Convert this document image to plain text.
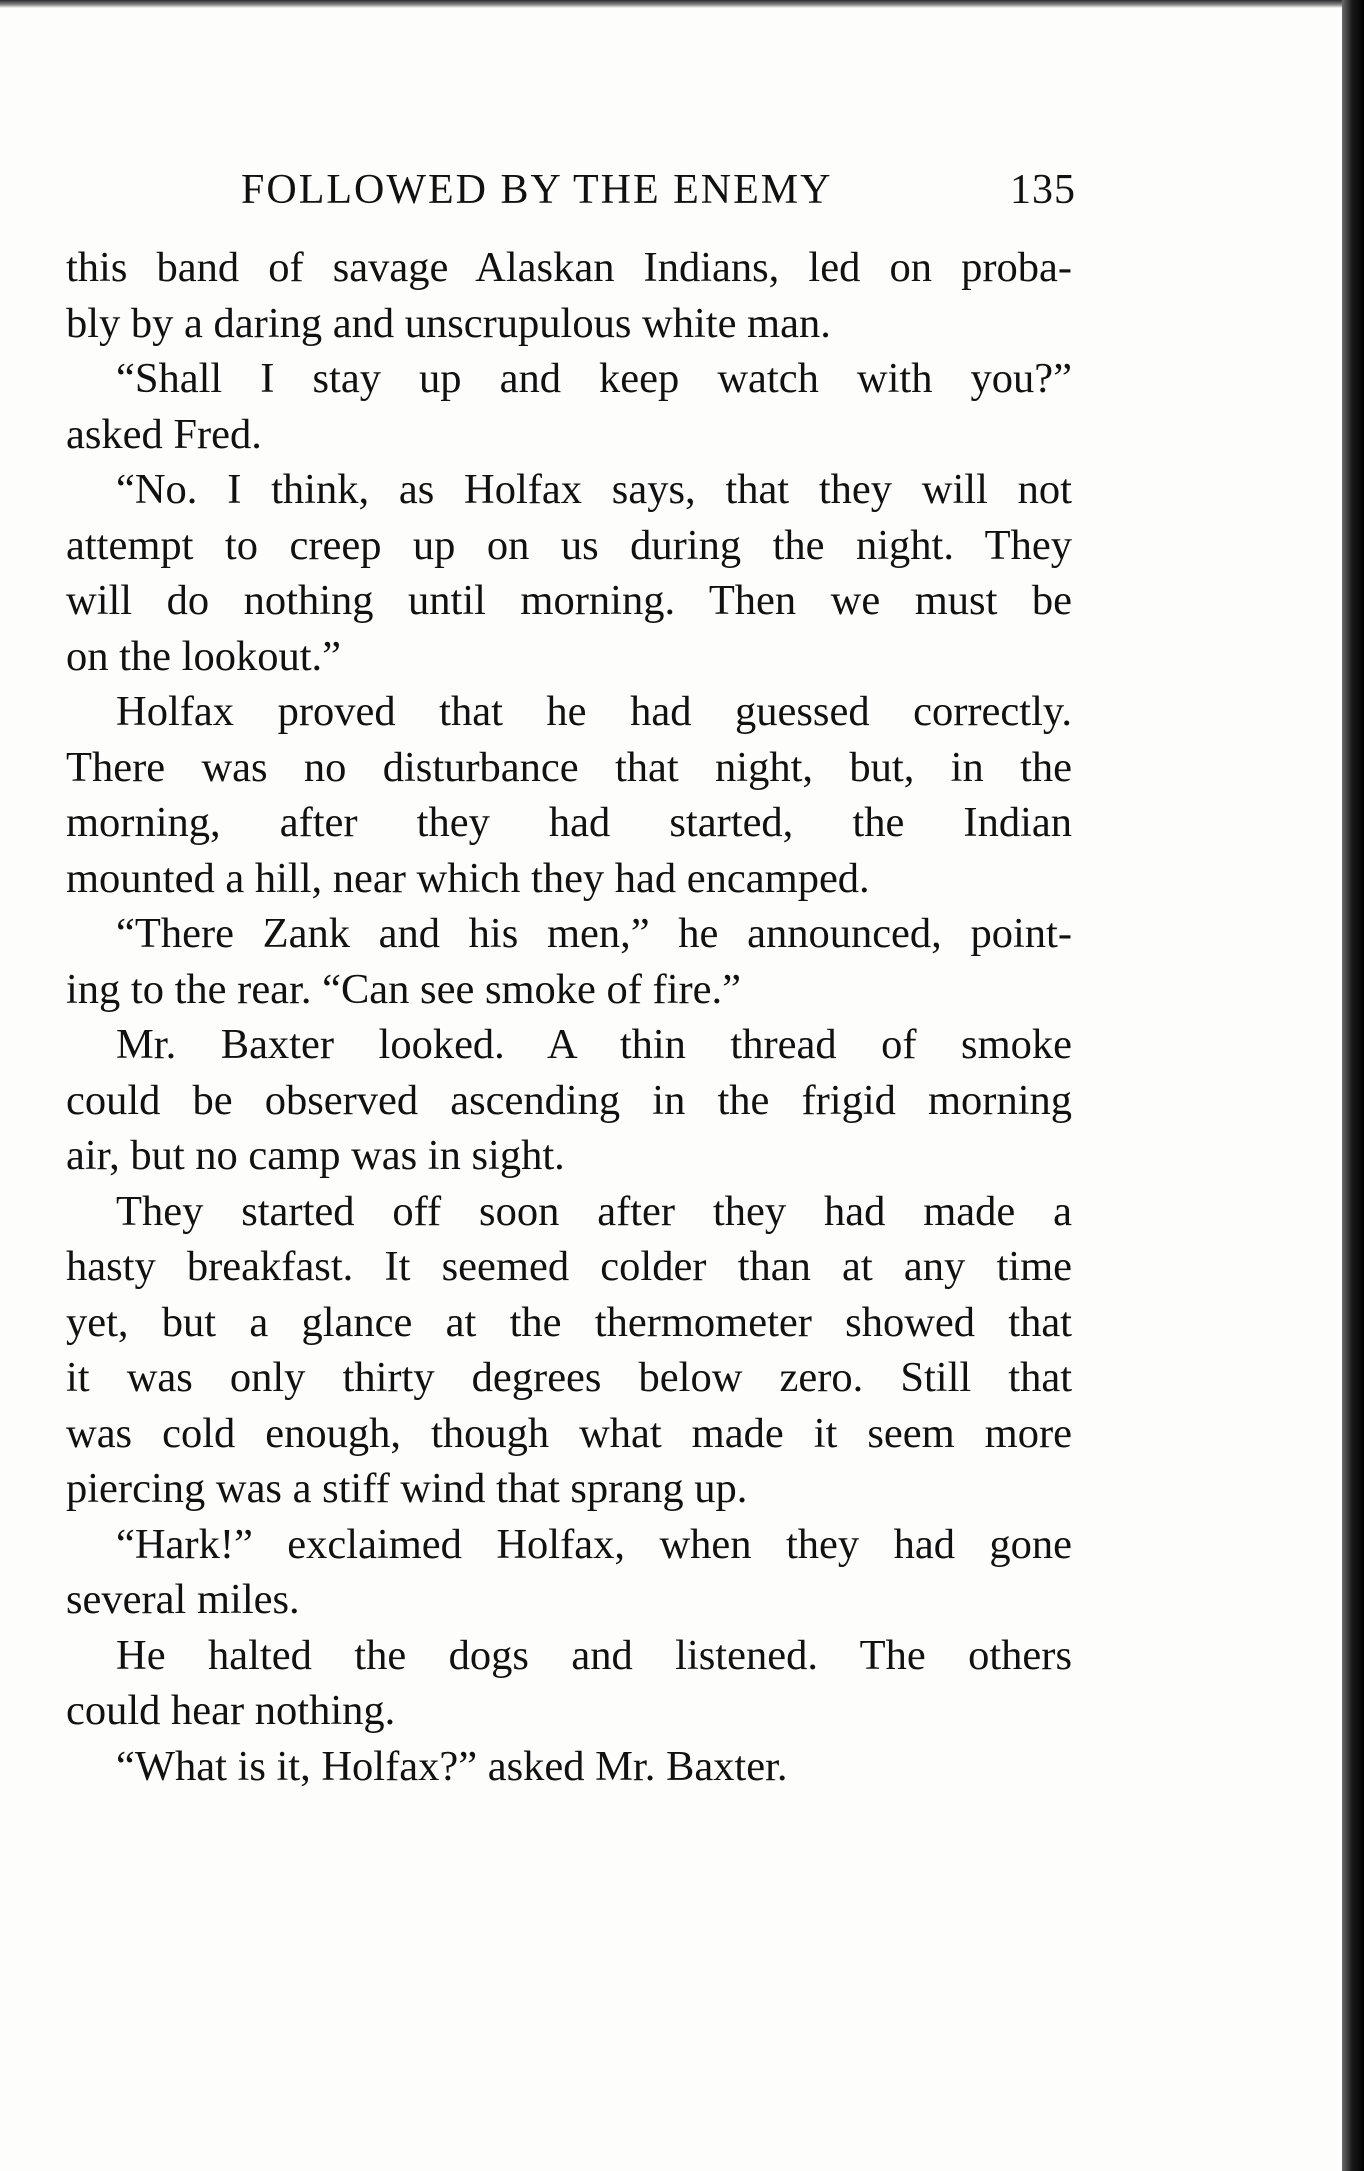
FOLLOWED BY THE ENEMY	135
this band of savage Alaskan Indians, led on proba-
bly by a daring and unscrupulous white man.
“Shall I stay up and keep watch with you?”
asked Fred.
“No. I think, as Holfax says, that they will not
attempt to creep up on us during the night. They
will do nothing until morning. Then we must be
on the lookout.”
Holfax proved that he had guessed correctly.
There was no disturbance that night, but, in the
morning, after they had started, the Indian
mounted a hill, near which they had encamped.
“There Zank and his men,” he announced, point-
ing to the rear. “Can see smoke of fire.”
Mr. Baxter looked. A thin thread of smoke
could be observed ascending in the frigid morning
air, but no camp was in sight.
They started off soon after they had made a
hasty breakfast. It seemed colder than at any time
yet, but a glance at the thermometer showed that
it was only thirty degrees below zero. Still that
was cold enough, though what made it seem more
piercing was a stiff wind that sprang up.
“Hark!” exclaimed Holfax, when they had gone
several miles.
He halted the dogs and listened. The others
could hear nothing.
“What is it, Holfax?” asked Mr. Baxter.
